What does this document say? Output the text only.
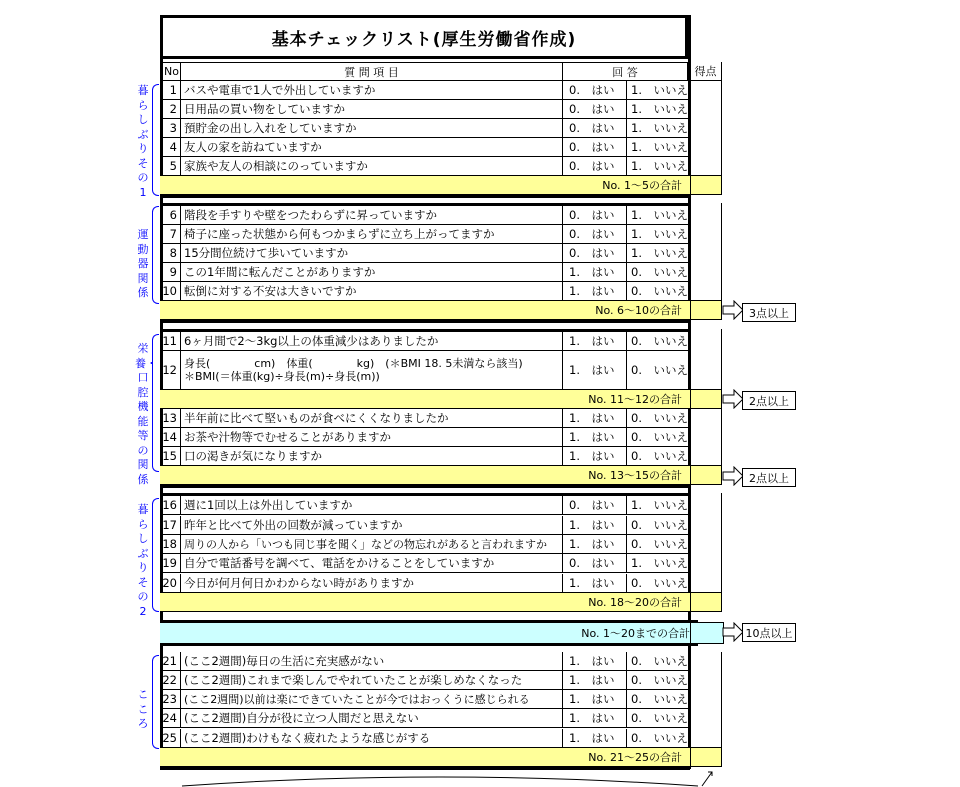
基本チェックリスト(厚生労働省作成)
No	質 問 項 目	回 答	得点
1 バスや電車で1人で外出していますか	0.　はい	1.　いいえ
2 日用品の買い物をしていますか	0.　はい	1.　いいえ
3 預貯金の出し入れをしていますか	0.　はい	1.　いいえ
4 友人の家を訪ねていますか	0.　はい	1.　いいえ
5 家族や友人の相談にのっていますか	0.　はい	1.　いいえ
No. 1～5の合計
6 階段を手すりや壁をつたわらずに昇っていますか	0.　はい	1.　いいえ
7 椅子に座った状態から何もつかまらずに立ち上がってますか	0.　はい	1.　いいえ
8 15分間位続けて歩いていますか	0.　はい	1.　いいえ
9 この1年間に転んだことがありますか	1.　はい	0.　いいえ
10 転倒に対する不安は大きいですか	1.　はい	0.　いいえ
No. 6～10の合計	3点以上
11 6ヶ月間で2～3kg以上の体重減少はありましたか	1.　はい	0.　いいえ
12 身長(　　　　cm)　体重(　　　　kg)　(＊BMI 18. 5未満なら該当)
＊BMI(＝体重(kg)÷身長(m)÷身長(m))	1.　はい	0.　いいえ
No. 11～12の合計	2点以上
13 半年前に比べて堅いものが食べにくくなりましたか	1.　はい	0.　いいえ
14 お茶や汁物等でむせることがありますか	1.　はい	0.　いいえ
15 口の渇きが気になりますか	1.　はい	0.　いいえ
No. 13～15の合計	2点以上
16 週に1回以上は外出していますか	0.　はい	1.　いいえ
17 昨年と比べて外出の回数が減っていますか	1.　はい	0.　いいえ
18 周りの人から「いつも同じ事を聞く」などの物忘れがあると言われますか	1.　はい	0.　いいえ
19 自分で電話番号を調べて、電話をかけることをしていますか	0.　はい	1.　いいえ
20 今日が何月何日かわからない時がありますか	1.　はい	0.　いいえ
No. 18～20の合計
No. 1～20までの合計	10点以上
21 (ここ2週間)毎日の生活に充実感がない	1.　はい	0.　いいえ
22 (ここ2週間)これまで楽しんでやれていたことが楽しめなくなった	1.　はい	0.　いいえ
23 (ここ2週間)以前は楽にできていたことが今ではおっくうに感じられる	1.　はい	0.　いいえ
24 (ここ2週間)自分が役に立つ人間だと思えない	1.　はい	0.　いいえ
25 (ここ2週間)わけもなく疲れたような感じがする	1.　はい	0.　いいえ
No. 21～25の合計
暮らしぶりその1
運動器関係
栄養・口腔機能等の関係
暮らしぶりその2
こころ
